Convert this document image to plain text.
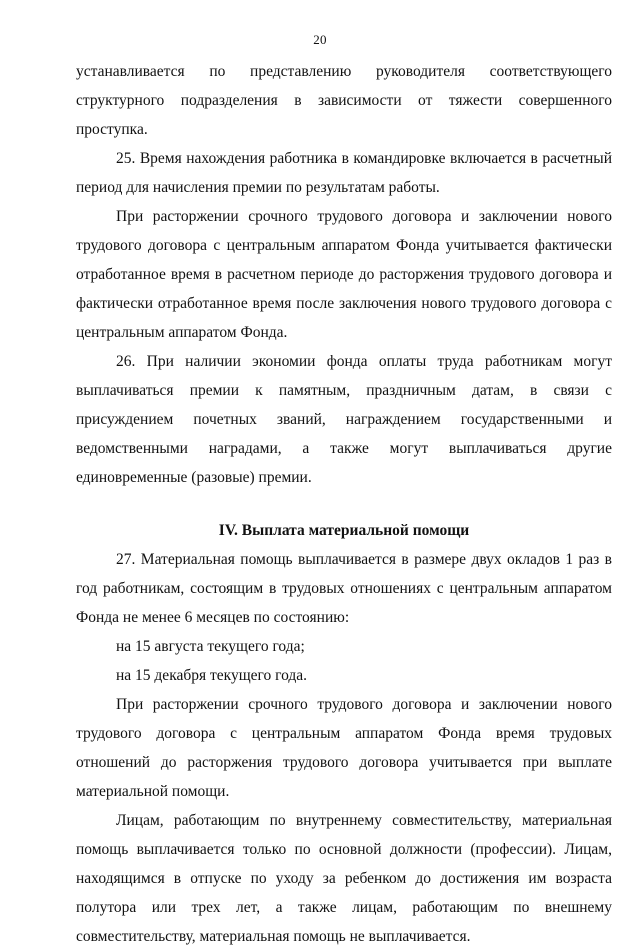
20

устанавливается по представлению руководителя соответствующего структурного подразделения в зависимости от тяжести совершенного проступка.

25. Время нахождения работника в командировке включается в расчетный период для начисления премии по результатам работы.

При расторжении срочного трудового договора и заключении нового трудового договора с центральным аппаратом Фонда учитывается фактически отработанное время в расчетном периоде до расторжения трудового договора и фактически отработанное время после заключения нового трудового договора с центральным аппаратом Фонда.

26. При наличии экономии фонда оплаты труда работникам могут выплачиваться премии к памятным, праздничным датам, в связи с присуждением почетных званий, награждением государственными и ведомственными наградами, а также могут выплачиваться другие единовременные (разовые) премии.

IV. Выплата материальной помощи

27. Материальная помощь выплачивается в размере двух окладов 1 раз в год работникам, состоящим в трудовых отношениях с центральным аппаратом Фонда не менее 6 месяцев по состоянию:

на 15 августа текущего года;

на 15 декабря текущего года.

При расторжении срочного трудового договора и заключении нового трудового договора с центральным аппаратом Фонда время трудовых отношений до расторжения трудового договора учитывается при выплате материальной помощи.

Лицам, работающим по внутреннему совместительству, материальная помощь выплачивается только по основной должности (профессии). Лицам, находящимся в отпуске по уходу за ребенком до достижения им возраста полутора или трех лет, а также лицам, работающим по внешнему совместительству, материальная помощь не выплачивается.
